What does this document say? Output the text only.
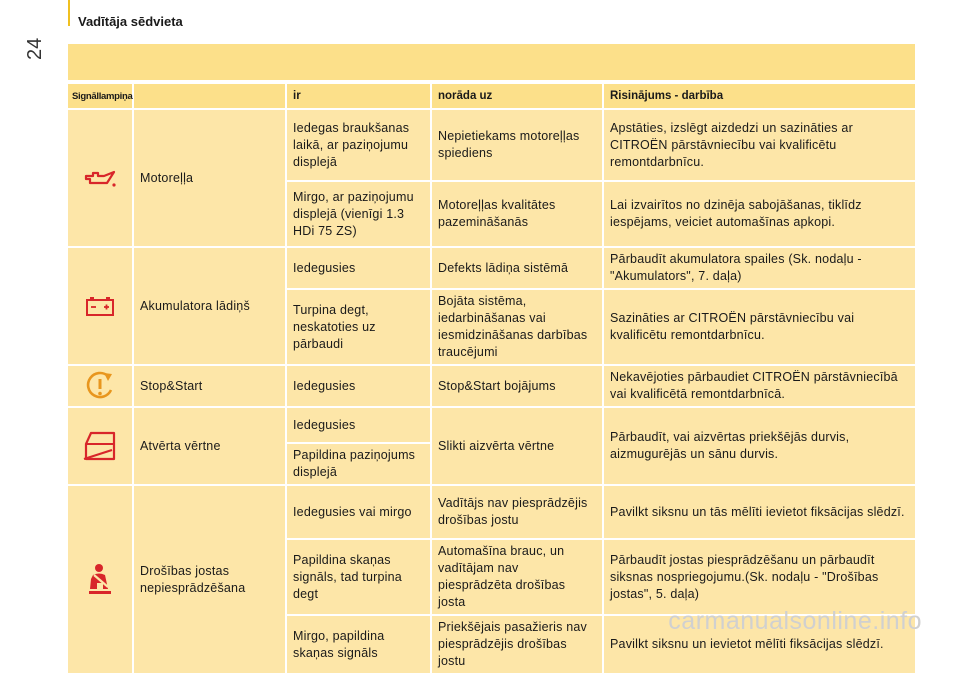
24
Vadītāja sēdvieta
Signāllampiņa		ir	norāda uz	Risinājums - darbība

	Motoreļļa	Iedegas braukšanas laikā, ar paziņojumu displejā	Nepietiekams motoreļļas spiediens	Apstāties, izslēgt aizdedzi un sazināties ar CITROËN pārstāvniecību vai kvalificētu remontdarbnīcu.
		Mirgo, ar paziņojumu displejā (vienīgi 1.3 HDi 75 ZS)	Motoreļļas kvalitātes pazemināšanās	Lai izvairītos no dzinēja sabojāšanas, tiklīdz iespējams, veiciet automašīnas apkopi.

	Akumulatora lādiņš	Iedegusies	Defekts lādiņa sistēmā	Pārbaudīt akumulatora spailes (Sk. nodaļu - "Akumulators", 7. daļa)
		Turpina degt, neskatoties uz pārbaudi	Bojāta sistēma, iedarbināšanas vai iesmidzināšanas darbības traucējumi	Sazināties ar CITROËN pārstāvniecību vai kvalificētu remontdarbnīcu.

	Stop&Start	Iedegusies	Stop&Start bojājums	Nekavējoties pārbaudiet CITROËN pārstāvniecībā vai kvalificētā remontdarbnīcā.

	Atvērta vērtne	Iedegusies	Slikti aizvērta vērtne	Pārbaudīt, vai aizvērtas priekšējās durvis, aizmugurējās un sānu durvis.
		Papildina paziņojums displejā		

	Drošības jostas nepiesprādzēšana	Iedegusies vai mirgo	Vadītājs nav piesprādzējis drošības jostu	Pavilkt siksnu un tās mēlīti ievietot fiksācijas slēdzī.
		Papildina skaņas signāls, tad turpina degt	Automašīna brauc, un vadītājam nav piesprādzēta drošības josta	Pārbaudīt jostas piesprādzēšanu un pārbaudīt siksnas nospriegojumu.(Sk. nodaļu - "Drošības jostas", 5. daļa)
		Mirgo, papildina skaņas signāls	Priekšējais pasažieris nav piesprādzējis drošības jostu	Pavilkt siksnu un ievietot mēlīti fiksācijas slēdzī.
carmanualsonline.info
